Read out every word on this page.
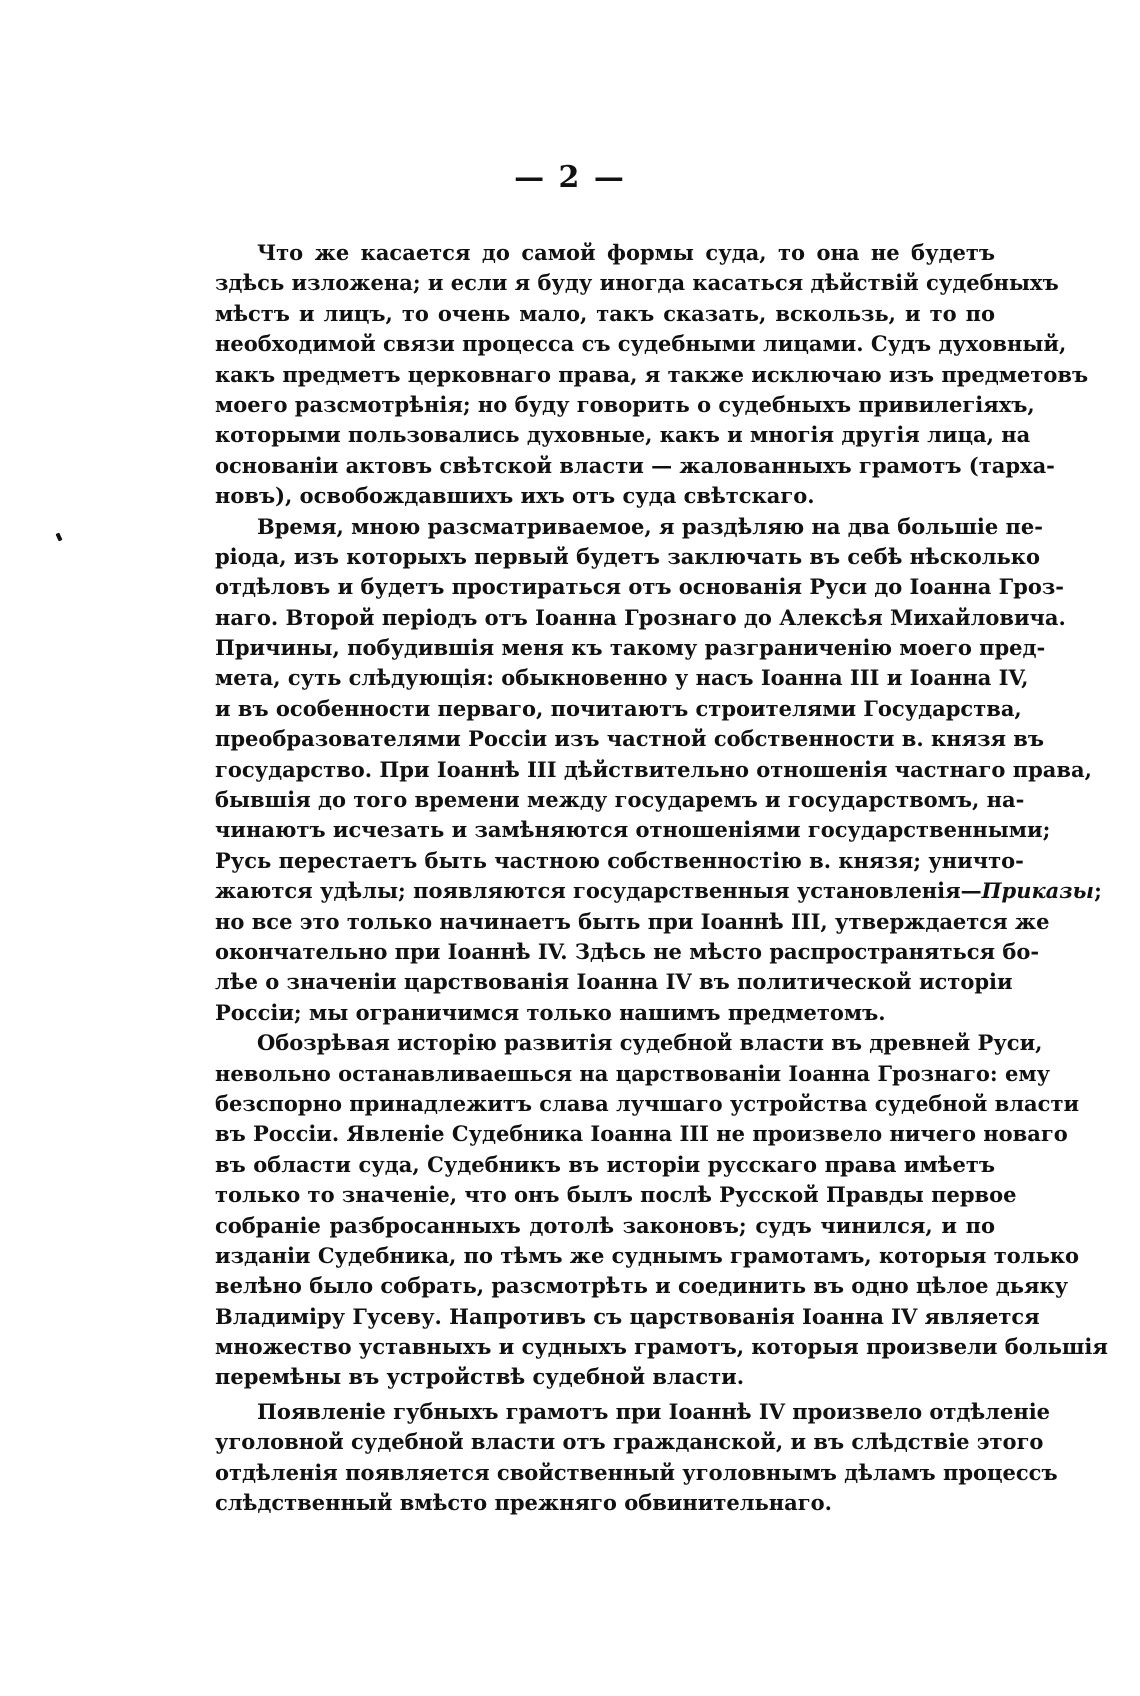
— 2 —
Что же касается до самой формы суда, то она не будетъ
здѣсь изложена; и если я буду иногда касаться дѣйствій судебныхъ
мѣстъ и лицъ, то очень мало, такъ сказать, вскользь, и то по
необходимой связи процесса съ судебными лицами. Судъ духовный,
какъ предметъ церковнаго права, я также исключаю изъ предметовъ
моего разсмотрѣнія; но буду говорить о судебныхъ привилегіяхъ,
которыми пользовались духовные, какъ и многія другія лица, на
основаніи актовъ свѣтской власти — жалованныхъ грамотъ (тарха-
новъ), освобождавшихъ ихъ отъ суда свѣтскаго.
Время, мною разсматриваемое, я раздѣляю на два большіе пе-
ріода, изъ которыхъ первый будетъ заключать въ себѣ нѣсколько
отдѣловъ и будетъ простираться отъ основанія Руси до Іоанна Гроз-
наго. Второй періодъ отъ Іоанна Грознаго до Алексѣя Михайловича.
Причины, побудившія меня къ такому разграниченію моего пред-
мета, суть слѣдующія: обыкновенно у насъ Іоанна III и Іоанна IV,
и въ особенности перваго, почитаютъ строителями Государства,
преобразователями Россіи изъ частной собственности в. князя въ
государство. При Іоаннѣ III дѣйствительно отношенія частнаго права,
бывшія до того времени между государемъ и государствомъ, на-
чинаютъ исчезать и замѣняются отношеніями государственными;
Русь перестаетъ быть частною собственностію в. князя; уничто-
жаются удѣлы; появляются государственныя установленія—Приказы;
но все это только начинаетъ быть при Іоаннѣ III, утверждается же
окончательно при Іоаннѣ IV. Здѣсь не мѣсто распространяться бо-
лѣе о значеніи царствованія Іоанна IV въ политической исторіи
Россіи; мы ограничимся только нашимъ предметомъ.
Обозрѣвая исторію развитія судебной власти въ древней Руси,
невольно останавливаешься на царствованіи Іоанна Грознаго: ему
безспорно принадлежитъ слава лучшаго устройства судебной власти
въ Россіи. Явленіе Судебника Іоанна III не произвело ничего новаго
въ области суда, Судебникъ въ исторіи русскаго права имѣетъ
только то значеніе, что онъ былъ послѣ Русской Правды первое
собраніе разбросанныхъ дотолѣ законовъ; судъ чинился, и по
изданіи Судебника, по тѣмъ же суднымъ грамотамъ, которыя только
велѣно было собрать, разсмотрѣть и соединить въ одно цѣлое дьяку
Владиміру Гусеву. Напротивъ съ царствованія Іоанна IV является
множество уставныхъ и судныхъ грамотъ, которыя произвели большія
перемѣны въ устройствѣ судебной власти.
Появленіе губныхъ грамотъ при Іоаннѣ IV произвело отдѣленіе
уголовной судебной власти отъ гражданской, и въ слѣдствіе этого
отдѣленія появляется свойственный уголовнымъ дѣламъ процессъ
слѣдственный вмѣсто прежняго обвинительнаго.
